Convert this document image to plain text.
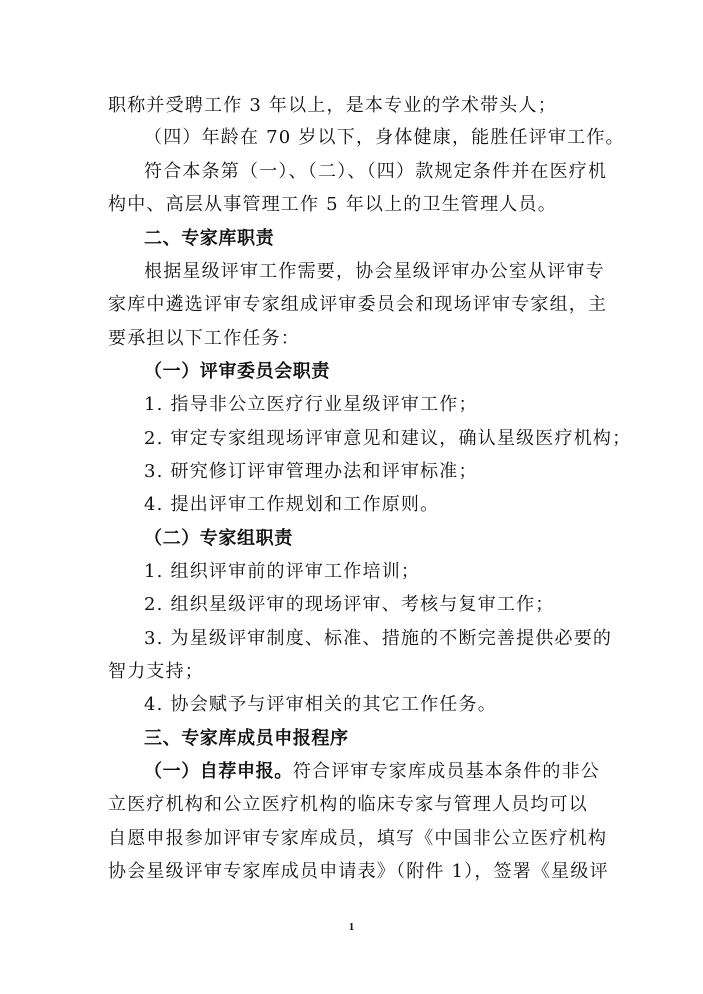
职称并受聘工作 3 年以上，是本专业的学术带头人；
（四）年龄在 70 岁以下，身体健康，能胜任评审工作。
符合本条第（一）、（二）、（四）款规定条件并在医疗机
构中、高层从事管理工作 5 年以上的卫生管理人员。
二、专家库职责
根据星级评审工作需要，协会星级评审办公室从评审专
家库中遴选评审专家组成评审委员会和现场评审专家组，主
要承担以下工作任务：
（一）评审委员会职责
1. 指导非公立医疗行业星级评审工作；
2. 审定专家组现场评审意见和建议，确认星级医疗机构；
3. 研究修订评审管理办法和评审标准；
4. 提出评审工作规划和工作原则。
（二）专家组职责
1. 组织评审前的评审工作培训；
2. 组织星级评审的现场评审、考核与复审工作；
3. 为星级评审制度、标准、措施的不断完善提供必要的
智力支持；
4. 协会赋予与评审相关的其它工作任务。
三、专家库成员申报程序
（一）自荐申报。符合评审专家库成员基本条件的非公
立医疗机构和公立医疗机构的临床专家与管理人员均可以
自愿申报参加评审专家库成员，填写《中国非公立医疗机构
协会星级评审专家库成员申请表》（附件 1），签署《星级评
1
